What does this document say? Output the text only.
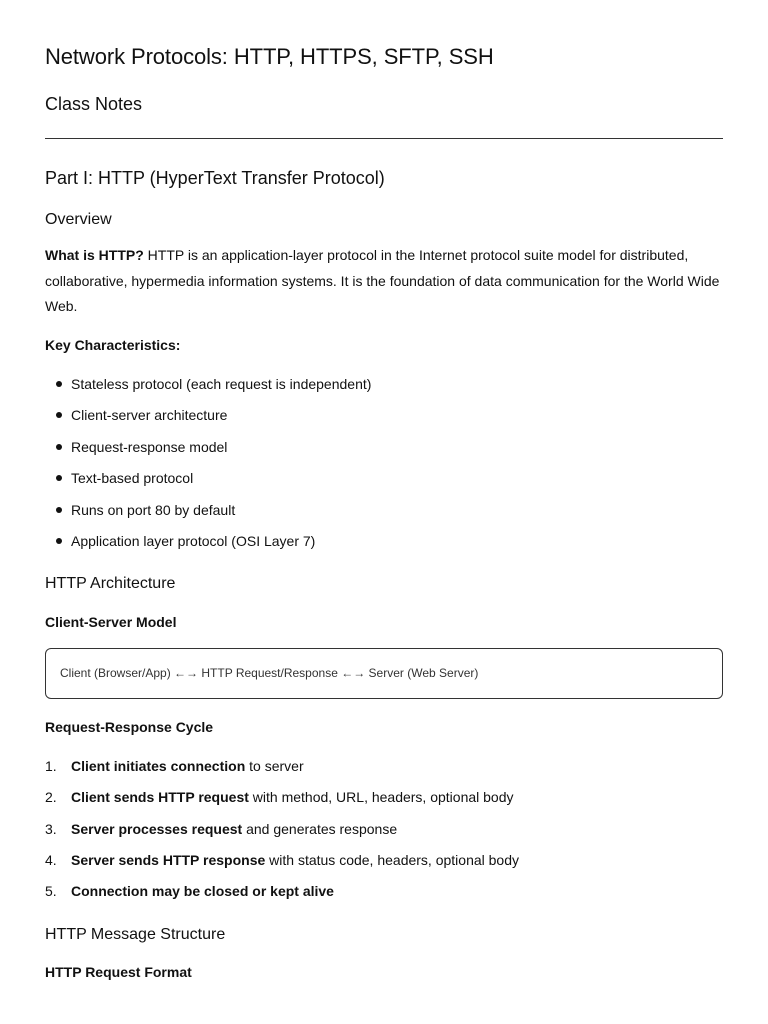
Network Protocols: HTTP, HTTPS, SFTP, SSH
Class Notes
Part I: HTTP (HyperText Transfer Protocol)
Overview

What is HTTP? HTTP is an application-layer protocol in the Internet protocol suite model for distributed, collaborative, hypermedia information systems. It is the foundation of data communication for the World Wide Web.

Key Characteristics:
Stateless protocol (each request is independent)
Client-server architecture
Request-response model
Text-based protocol
Runs on port 80 by default
Application layer protocol (OSI Layer 7)
HTTP Architecture
Client-Server Model
Client (Browser/App) ←→ HTTP Request/Response ←→ Server (Web Server)
Request-Response Cycle
1. Client initiates connection to server
2. Client sends HTTP request with method, URL, headers, optional body
3. Server processes request and generates response
4. Server sends HTTP response with status code, headers, optional body
5. Connection may be closed or kept alive
HTTP Message Structure
HTTP Request Format
